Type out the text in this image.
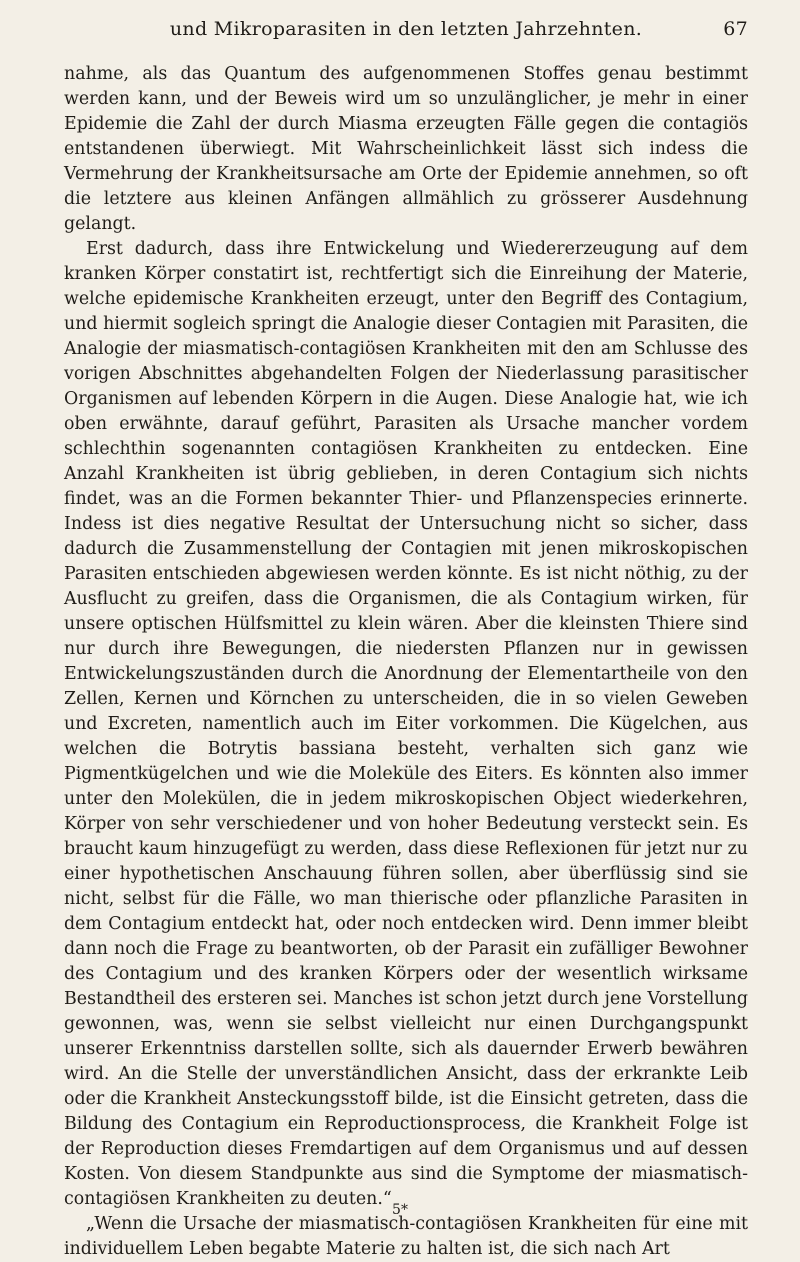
und Mikroparasiten in den letzten Jahrzehnten.	67

nahme, als das Quantum des aufgenommenen Stoffes genau bestimmt werden kann, und der Beweis wird um so unzulänglicher, je mehr in einer Epidemie die Zahl der durch Miasma erzeugten Fälle gegen die contagiös entstandenen überwiegt. Mit Wahrscheinlichkeit lässt sich indess die Vermehrung der Krankheitsursache am Orte der Epidemie annehmen, so oft die letztere aus kleinen Anfängen allmählich zu grösserer Ausdehnung gelangt.

Erst dadurch, dass ihre Entwickelung und Wiedererzeugung auf dem kranken Körper constatirt ist, rechtfertigt sich die Einreihung der Materie, welche epidemische Krankheiten erzeugt, unter den Begriff des Contagium, und hiermit sogleich springt die Analogie dieser Contagien mit Parasiten, die Analogie der miasmatisch-contagiösen Krankheiten mit den am Schlusse des vorigen Abschnittes abgehandelten Folgen der Niederlassung parasitischer Organismen auf lebenden Körpern in die Augen. Diese Analogie hat, wie ich oben erwähnte, darauf geführt, Parasiten als Ursache mancher vordem schlechthin sogenannten contagiösen Krankheiten zu entdecken. Eine Anzahl Krankheiten ist übrig geblieben, in deren Contagium sich nichts findet, was an die Formen bekannter Thier- und Pflanzenspecies erinnerte. Indess ist dies negative Resultat der Untersuchung nicht so sicher, dass dadurch die Zusammenstellung der Contagien mit jenen mikroskopischen Parasiten entschieden abgewiesen werden könnte. Es ist nicht nöthig, zu der Ausflucht zu greifen, dass die Organismen, die als Contagium wirken, für unsere optischen Hülfsmittel zu klein wären. Aber die kleinsten Thiere sind nur durch ihre Bewegungen, die niedersten Pflanzen nur in gewissen Entwickelungszuständen durch die Anordnung der Elementartheile von den Zellen, Kernen und Körnchen zu unterscheiden, die in so vielen Geweben und Excreten, namentlich auch im Eiter vorkommen. Die Kügelchen, aus welchen die Botrytis bassiana besteht, verhalten sich ganz wie Pigmentkügelchen und wie die Moleküle des Eiters. Es könnten also immer unter den Molekülen, die in jedem mikroskopischen Object wiederkehren, Körper von sehr verschiedener und von hoher Bedeutung versteckt sein. Es braucht kaum hinzugefügt zu werden, dass diese Reflexionen für jetzt nur zu einer hypothetischen Anschauung führen sollen, aber überflüssig sind sie nicht, selbst für die Fälle, wo man thierische oder pflanzliche Parasiten in dem Contagium entdeckt hat, oder noch entdecken wird. Denn immer bleibt dann noch die Frage zu beantworten, ob der Parasit ein zufälliger Bewohner des Contagium und des kranken Körpers oder der wesentlich wirksame Bestandtheil des ersteren sei. Manches ist schon jetzt durch jene Vorstellung gewonnen, was, wenn sie selbst vielleicht nur einen Durchgangspunkt unserer Erkenntniss darstellen sollte, sich als dauernder Erwerb bewähren wird. An die Stelle der unverständlichen Ansicht, dass der erkrankte Leib oder die Krankheit Ansteckungsstoff bilde, ist die Einsicht getreten, dass die Bildung des Contagium ein Reproductionsprocess, die Krankheit Folge ist der Reproduction dieses Fremdartigen auf dem Organismus und auf dessen Kosten. Von diesem Standpunkte aus sind die Symptome der miasmatisch-contagiösen Krankheiten zu deuten.“

„Wenn die Ursache der miasmatisch-contagiösen Krankheiten für eine mit individuellem Leben begabte Materie zu halten ist, die sich nach Art

5*
